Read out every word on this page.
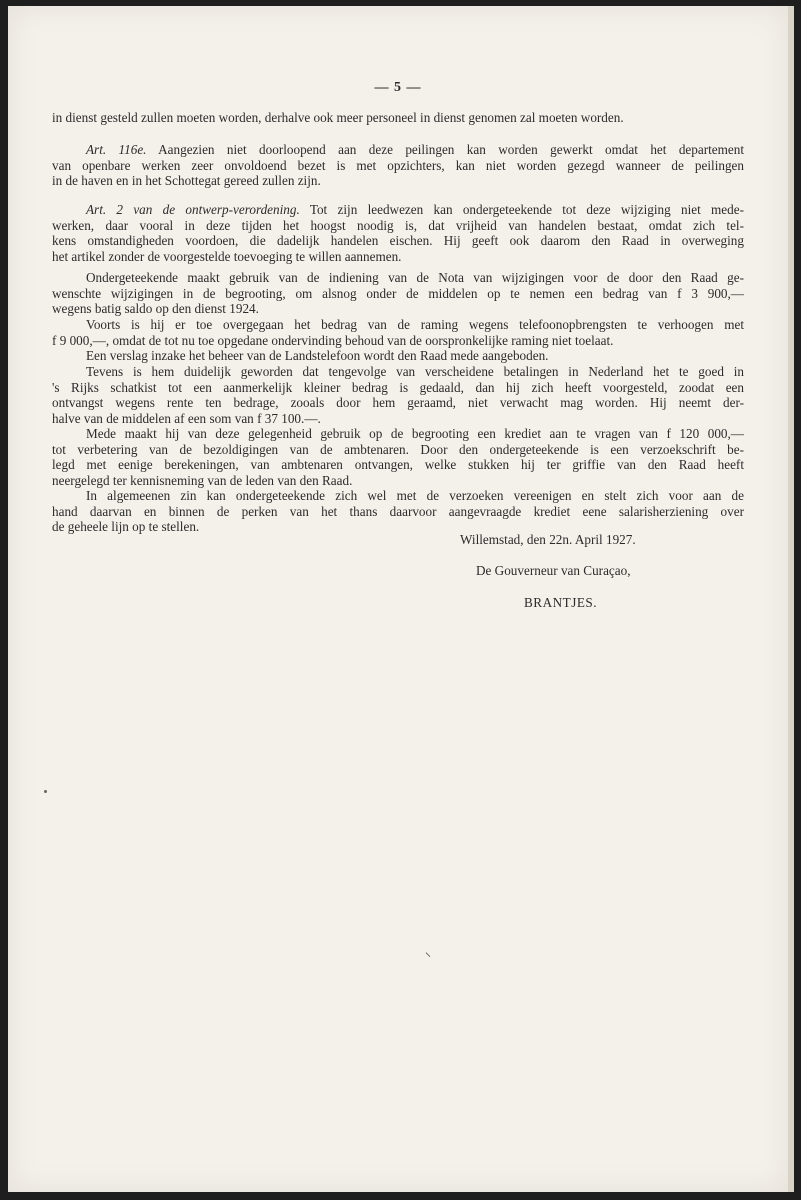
— 5 —

in dienst gesteld zullen moeten worden, derhalve ook meer personeel in dienst genomen zal moeten worden.

Art. 116e. Aangezien niet doorloopend aan deze peilingen kan worden gewerkt omdat het departement
van openbare werken zeer onvoldoend bezet is met opzichters, kan niet worden gezegd wanneer de peilingen
in de haven en in het Schottegat gereed zullen zijn.

Art. 2 van de ontwerp-verordening. Tot zijn leedwezen kan ondergeteekende tot deze wijziging niet mede-
werken, daar vooral in deze tijden het hoogst noodig is, dat vrijheid van handelen bestaat, omdat zich tel-
kens omstandigheden voordoen, die dadelijk handelen eischen. Hij geeft ook daarom den Raad in overweging
het artikel zonder de voorgestelde toevoeging te willen aannemen.

Ondergeteekende maakt gebruik van de indiening van de Nota van wijzigingen voor de door den Raad ge-
wenschte wijzigingen in de begrooting, om alsnog onder de middelen op te nemen een bedrag van f 3 900,—
wegens batig saldo op den dienst 1924.

Voorts is hij er toe overgegaan het bedrag van de raming wegens telefoonopbrengsten te verhoogen met
f 9 000,—, omdat de tot nu toe opgedane ondervinding behoud van de oorspronkelijke raming niet toelaat.

Een verslag inzake het beheer van de Landstelefoon wordt den Raad mede aangeboden.

Tevens is hem duidelijk geworden dat tengevolge van verscheidene betalingen in Nederland het te goed in
's Rijks schatkist tot een aanmerkelijk kleiner bedrag is gedaald, dan hij zich heeft voorgesteld, zoodat een
ontvangst wegens rente ten bedrage, zooals door hem geraamd, niet verwacht mag worden. Hij neemt der-
halve van de middelen af een som van f 37 100.—.

Mede maakt hij van deze gelegenheid gebruik op de begrooting een krediet aan te vragen van f 120 000,—
tot verbetering van de bezoldigingen van de ambtenaren. Door den ondergeteekende is een verzoekschrift be-
legd met eenige berekeningen, van ambtenaren ontvangen, welke stukken hij ter griffie van den Raad heeft
neergelegd ter kennisneming van de leden van den Raad.

In algemeenen zin kan ondergeteekende zich wel met de verzoeken vereenigen en stelt zich voor aan de
hand daarvan en binnen de perken van het thans daarvoor aangevraagde krediet eene salarisherziening over
de geheele lijn op te stellen.

Willemstad, den 22n. April 1927.
De Gouverneur van Curaçao,
BRANTJES.
⸌
